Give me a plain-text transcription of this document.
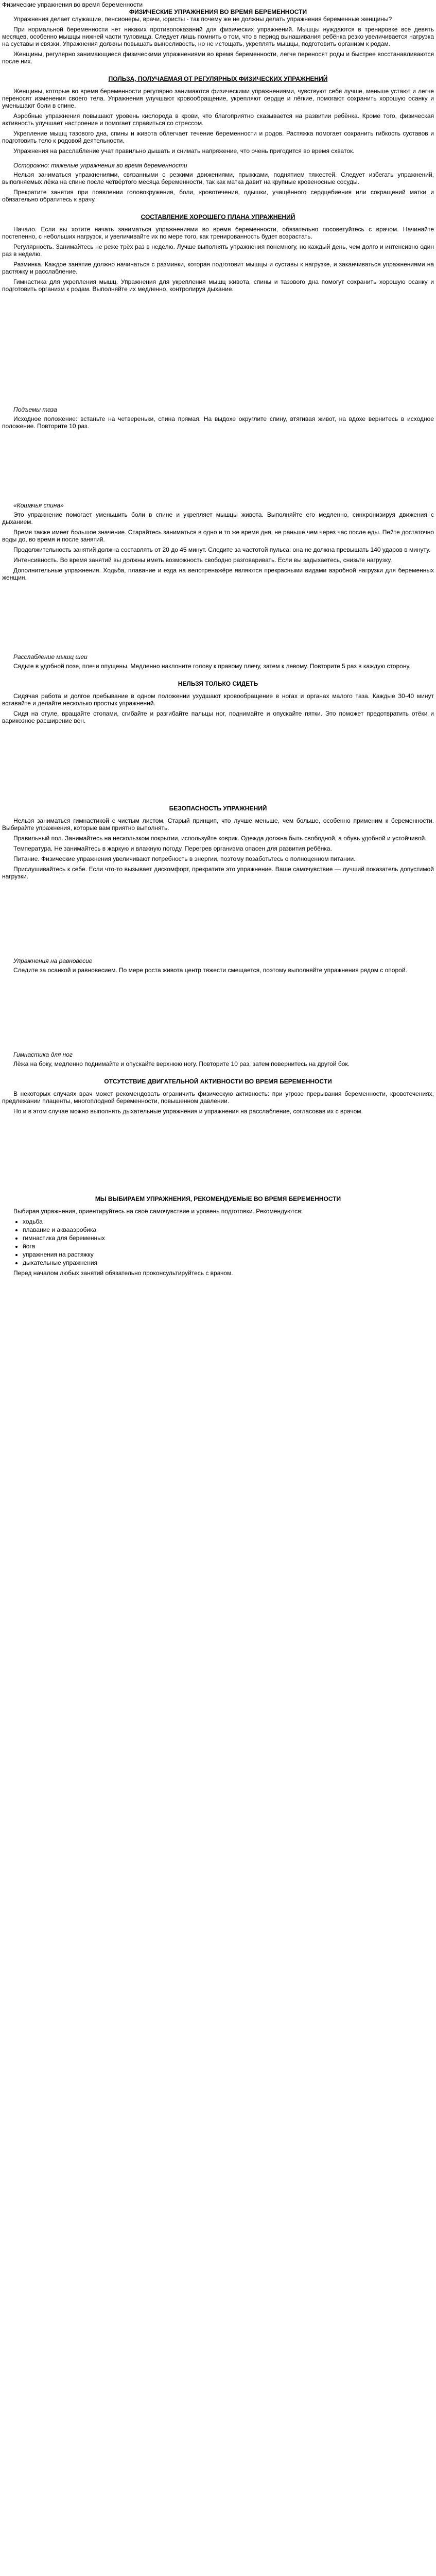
Физические упражнения во время беременности
ФИЗИЧЕСКИЕ УПРАЖНЕНИЯ ВО ВРЕМЯ БЕРЕМЕННОСТИ

Упражнения делает служащие, пенсионеры, врачи, юристы - так почему же не должны делать упражнения беременные женщины?

При нормальной беременности нет никаких противопоказаний для физических упражнений. Мышцы нуждаются в тренировке все девять месяцев, особенно мышцы нижней части туловища. Следует лишь помнить о том, что в период вынашивания ребёнка резко увеличивается нагрузка на суставы и связки. Упражнения должны повышать выносливость, но не истощать, укреплять мышцы, подготовить организм к родам.

Женщины, регулярно занимающиеся физическими упражнениями во время беременности, легче переносят роды и быстрее восстанавливаются после них.

ПОЛЬЗА, ПОЛУЧАЕМАЯ ОТ РЕГУЛЯРНЫХ ФИЗИЧЕСКИХ УПРАЖНЕНИЙ

Женщины, которые во время беременности регулярно занимаются физическими упражнениями, чувствуют себя лучше, меньше устают и легче переносят изменения своего тела. Упражнения улучшают кровообращение, укрепляют сердце и лёгкие, помогают сохранить хорошую осанку и уменьшают боли в спине.

Аэробные упражнения повышают уровень кислорода в крови, что благоприятно сказывается на развитии ребёнка. Кроме того, физическая активность улучшает настроение и помогает справиться со стрессом.

Укрепление мышц тазового дна, спины и живота облегчает течение беременности и родов. Растяжка помогает сохранить гибкость суставов и подготовить тело к родовой деятельности.

Упражнения на расслабление учат правильно дышать и снимать напряжение, что очень пригодится во время схваток.

Осторожно: тяжелые упражнения во время беременности

Нельзя заниматься упражнениями, связанными с резкими движениями, прыжками, поднятием тяжестей. Следует избегать упражнений, выполняемых лёжа на спине после четвёртого месяца беременности, так как матка давит на крупные кровеносные сосуды.

Прекратите занятия при появлении головокружения, боли, кровотечения, одышки, учащённого сердцебиения или сокращений матки и обязательно обратитесь к врачу.

СОСТАВЛЕНИЕ ХОРОШЕГО ПЛАНА УПРАЖНЕНИЙ

Начало. Если вы хотите начать заниматься упражнениями во время беременности, обязательно посоветуйтесь с врачом. Начинайте постепенно, с небольших нагрузок, и увеличивайте их по мере того, как тренированность будет возрастать.

Регулярность. Занимайтесь не реже трёх раз в неделю. Лучше выполнять упражнения понемногу, но каждый день, чем долго и интенсивно один раз в неделю.

Разминка. Каждое занятие должно начинаться с разминки, которая подготовит мышцы и суставы к нагрузке, и заканчиваться упражнениями на растяжку и расслабление.

Гимнастика для укрепления мышц. Упражнения для укрепления мышц живота, спины и тазового дна помогут сохранить хорошую осанку и подготовить организм к родам. Выполняйте их медленно, контролируя дыхание.

Подъемы таза

Исходное положение: встаньте на четвереньки, спина прямая. На выдохе округлите спину, втягивая живот, на вдохе вернитесь в исходное положение. Повторите 10 раз.

«Кошачья спина»

Это упражнение помогает уменьшить боли в спине и укрепляет мышцы живота. Выполняйте его медленно, синхронизируя движения с дыханием.

Время также имеет большое значение. Старайтесь заниматься в одно и то же время дня, не раньше чем через час после еды. Пейте достаточно воды до, во время и после занятий.

Продолжительность занятий должна составлять от 20 до 45 минут. Следите за частотой пульса: она не должна превышать 140 ударов в минуту.

Интенсивность. Во время занятий вы должны иметь возможность свободно разговаривать. Если вы задыхаетесь, снизьте нагрузку.

Дополнительные упражнения. Ходьба, плавание и езда на велотренажёре являются прекрасными видами аэробной нагрузки для беременных женщин.

Расслабление мышц шеи

Сядьте в удобной позе, плечи опущены. Медленно наклоните голову к правому плечу, затем к левому. Повторите 5 раз в каждую сторону.

НЕЛЬЗЯ ТОЛЬКО СИДЕТЬ

Сидячая работа и долгое пребывание в одном положении ухудшают кровообращение в ногах и органах малого таза. Каждые 30-40 минут вставайте и делайте несколько простых упражнений.

Сидя на стуле, вращайте стопами, сгибайте и разгибайте пальцы ног, поднимайте и опускайте пятки. Это поможет предотвратить отёки и варикозное расширение вен.

БЕЗОПАСНОСТЬ УПРАЖНЕНИЙ

Нельзя заниматься гимнастикой с чистым листом. Старый принцип, что лучше меньше, чем больше, особенно применим к беременности. Выбирайте упражнения, которые вам приятно выполнять.

Правильный пол. Занимайтесь на нескользком покрытии, используйте коврик. Одежда должна быть свободной, а обувь удобной и устойчивой.

Температура. Не занимайтесь в жаркую и влажную погоду. Перегрев организма опасен для развития ребёнка.

Питание. Физические упражнения увеличивают потребность в энергии, поэтому позаботьтесь о полноценном питании.

Прислушивайтесь к себе. Если что-то вызывает дискомфорт, прекратите это упражнение. Ваше самочувствие — лучший показатель допустимой нагрузки.

Упражнения на равновесие

Следите за осанкой и равновесием. По мере роста живота центр тяжести смещается, поэтому выполняйте упражнения рядом с опорой.

Гимнастика для ног

Лёжа на боку, медленно поднимайте и опускайте верхнюю ногу. Повторите 10 раз, затем повернитесь на другой бок.

ОТСУТСТВИЕ ДВИГАТЕЛЬНОЙ АКТИВНОСТИ ВО ВРЕМЯ БЕРЕМЕННОСТИ

В некоторых случаях врач может рекомендовать ограничить физическую активность: при угрозе прерывания беременности, кровотечениях, предлежании плаценты, многоплодной беременности, повышенном давлении.

Но и в этом случае можно выполнять дыхательные упражнения и упражнения на расслабление, согласовав их с врачом.

МЫ ВЫБИРАЕМ УПРАЖНЕНИЯ, РЕКОМЕНДУЕМЫЕ ВО ВРЕМЯ БЕРЕМЕННОСТИ

Выбирая упражнения, ориентируйтесь на своё самочувствие и уровень подготовки. Рекомендуются:

• ходьба
• плавание и аквааэробика
• гимнастика для беременных
• йога
• упражнения на растяжку
• дыхательные упражнения

Перед началом любых занятий обязательно проконсультируйтесь с врачом.
